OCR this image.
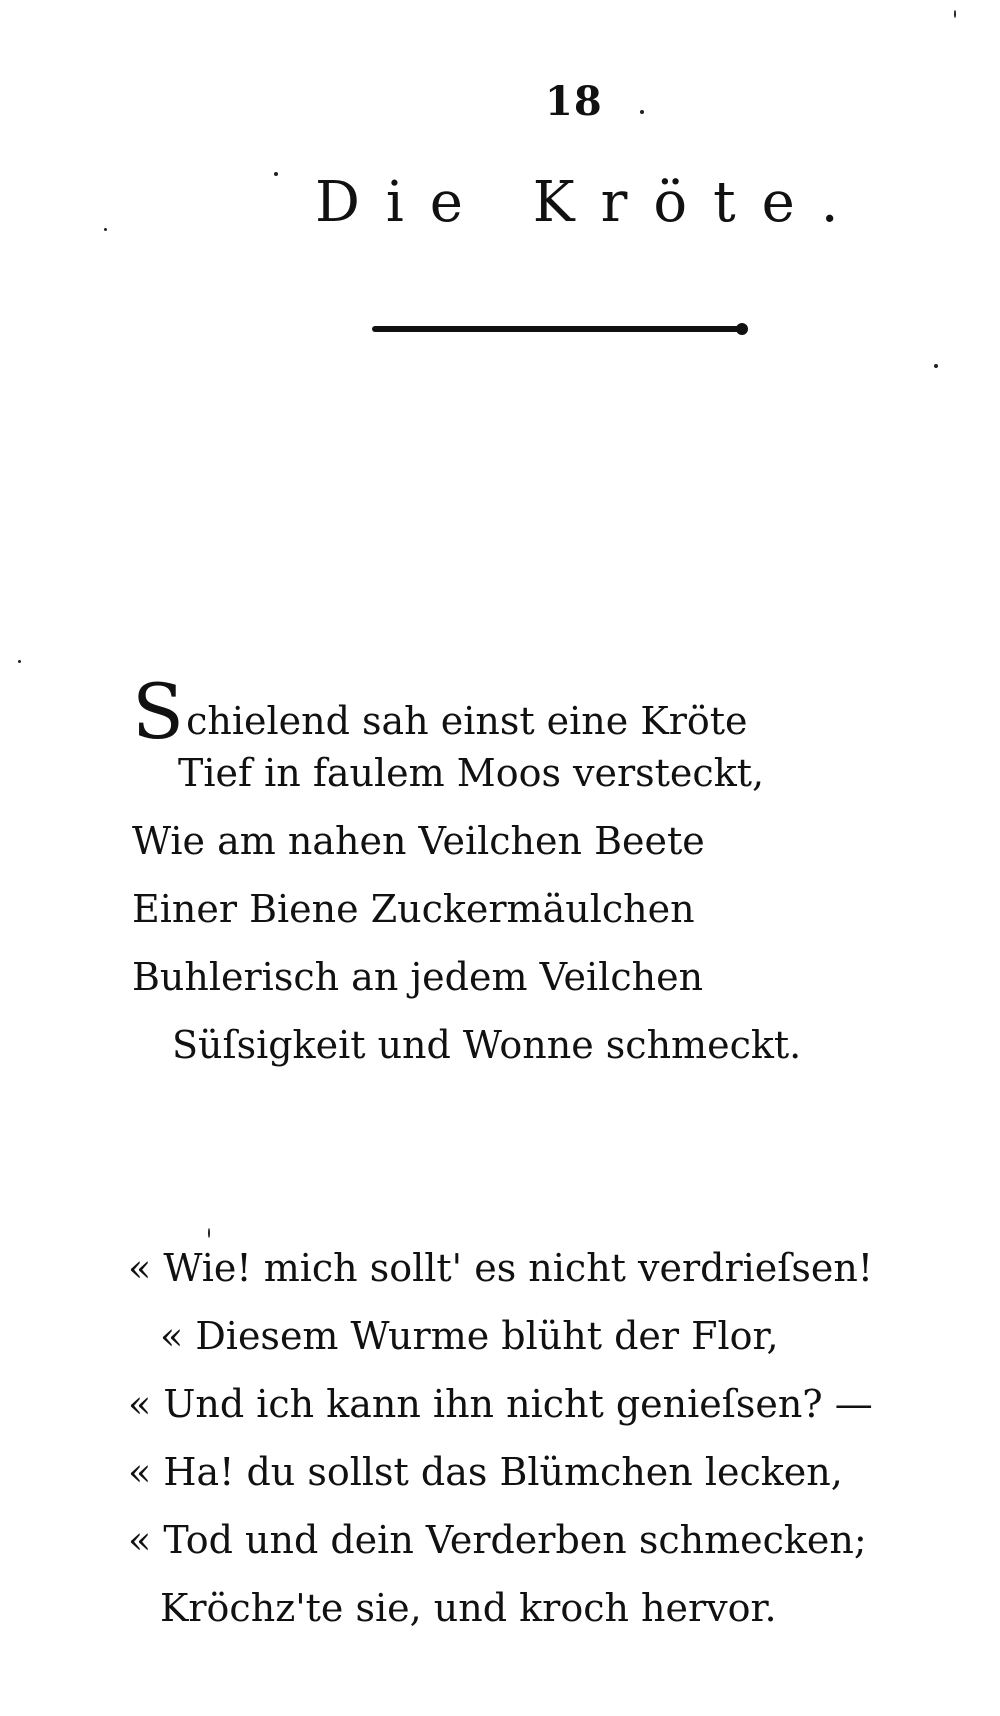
18
Die Kröte.
Schielend sah einst eine Kröte
Tief in faulem Moos versteckt,
Wie am nahen Veilchen Beete
Einer Biene Zuckermäulchen
Buhlerisch an jedem Veilchen
Süſsigkeit und Wonne schmeckt.
« Wie! mich sollt' es nicht verdrieſsen!
« Diesem Wurme blüht der Flor,
« Und ich kann ihn nicht genieſsen? —
« Ha! du sollst das Blümchen lecken,
« Tod und dein Verderben schmecken;
Kröchz'te sie, und kroch hervor.
